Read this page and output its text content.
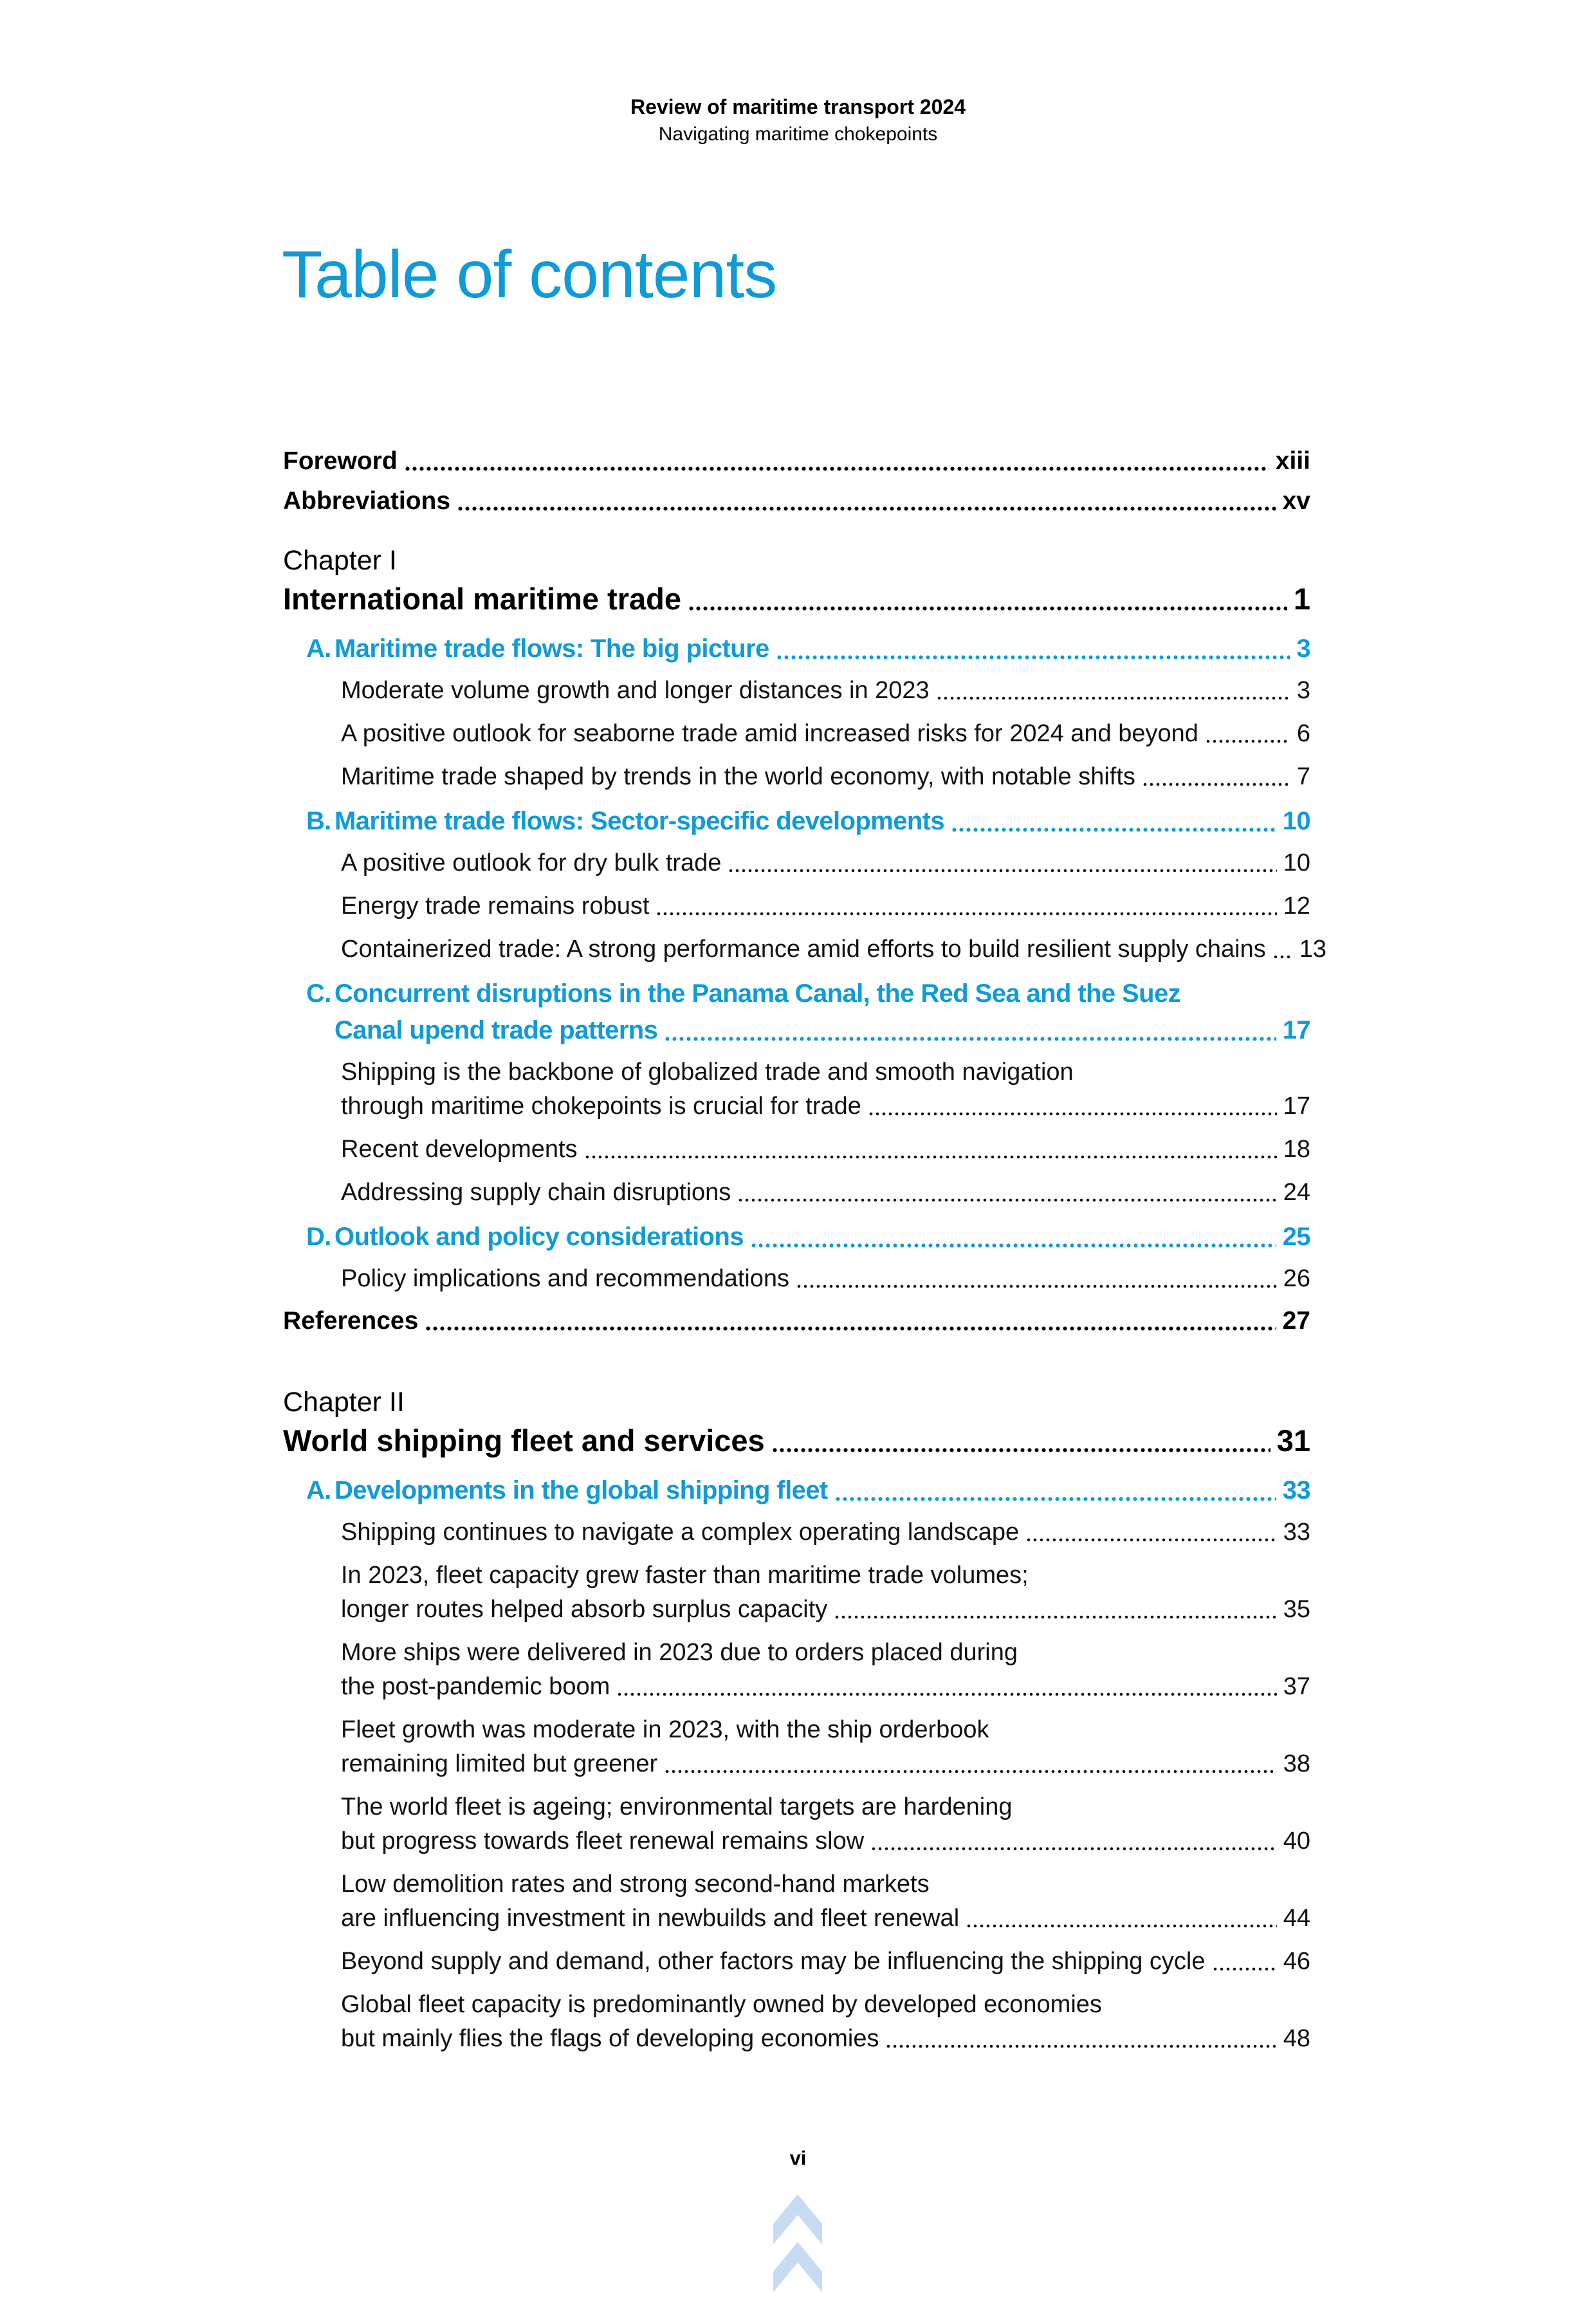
Review of maritime transport 2024
Navigating maritime chokepoints
Table of contents
Foreword	xiii
Abbreviations	xv
Chapter I
International maritime trade	1
A. Maritime trade flows: The big picture	3
Moderate volume growth and longer distances in 2023	3
A positive outlook for seaborne trade amid increased risks for 2024 and beyond	6
Maritime trade shaped by trends in the world economy, with notable shifts	7
B. Maritime trade flows: Sector-specific developments	10
A positive outlook for dry bulk trade	10
Energy trade remains robust	12
Containerized trade: A strong performance amid efforts to build resilient supply chains 13
C. Concurrent disruptions in the Panama Canal, the Red Sea and the Suez
Canal upend trade patterns	17
Shipping is the backbone of globalized trade and smooth navigation
through maritime chokepoints is crucial for trade	17
Recent developments	18
Addressing supply chain disruptions	24
D. Outlook and policy considerations	25
Policy implications and recommendations	26
References	27
Chapter II
World shipping fleet and services	31
A. Developments in the global shipping fleet	33
Shipping continues to navigate a complex operating landscape	33
In 2023, fleet capacity grew faster than maritime trade volumes;
longer routes helped absorb surplus capacity	35
More ships were delivered in 2023 due to orders placed during
the post-pandemic boom	37
Fleet growth was moderate in 2023, with the ship orderbook
remaining limited but greener	38
The world fleet is ageing; environmental targets are hardening
but progress towards fleet renewal remains slow	40
Low demolition rates and strong second-hand markets
are influencing investment in newbuilds and fleet renewal	44
Beyond supply and demand, other factors may be influencing the shipping cycle	46
Global fleet capacity is predominantly owned by developed economies
but mainly flies the flags of developing economies	48
vi
